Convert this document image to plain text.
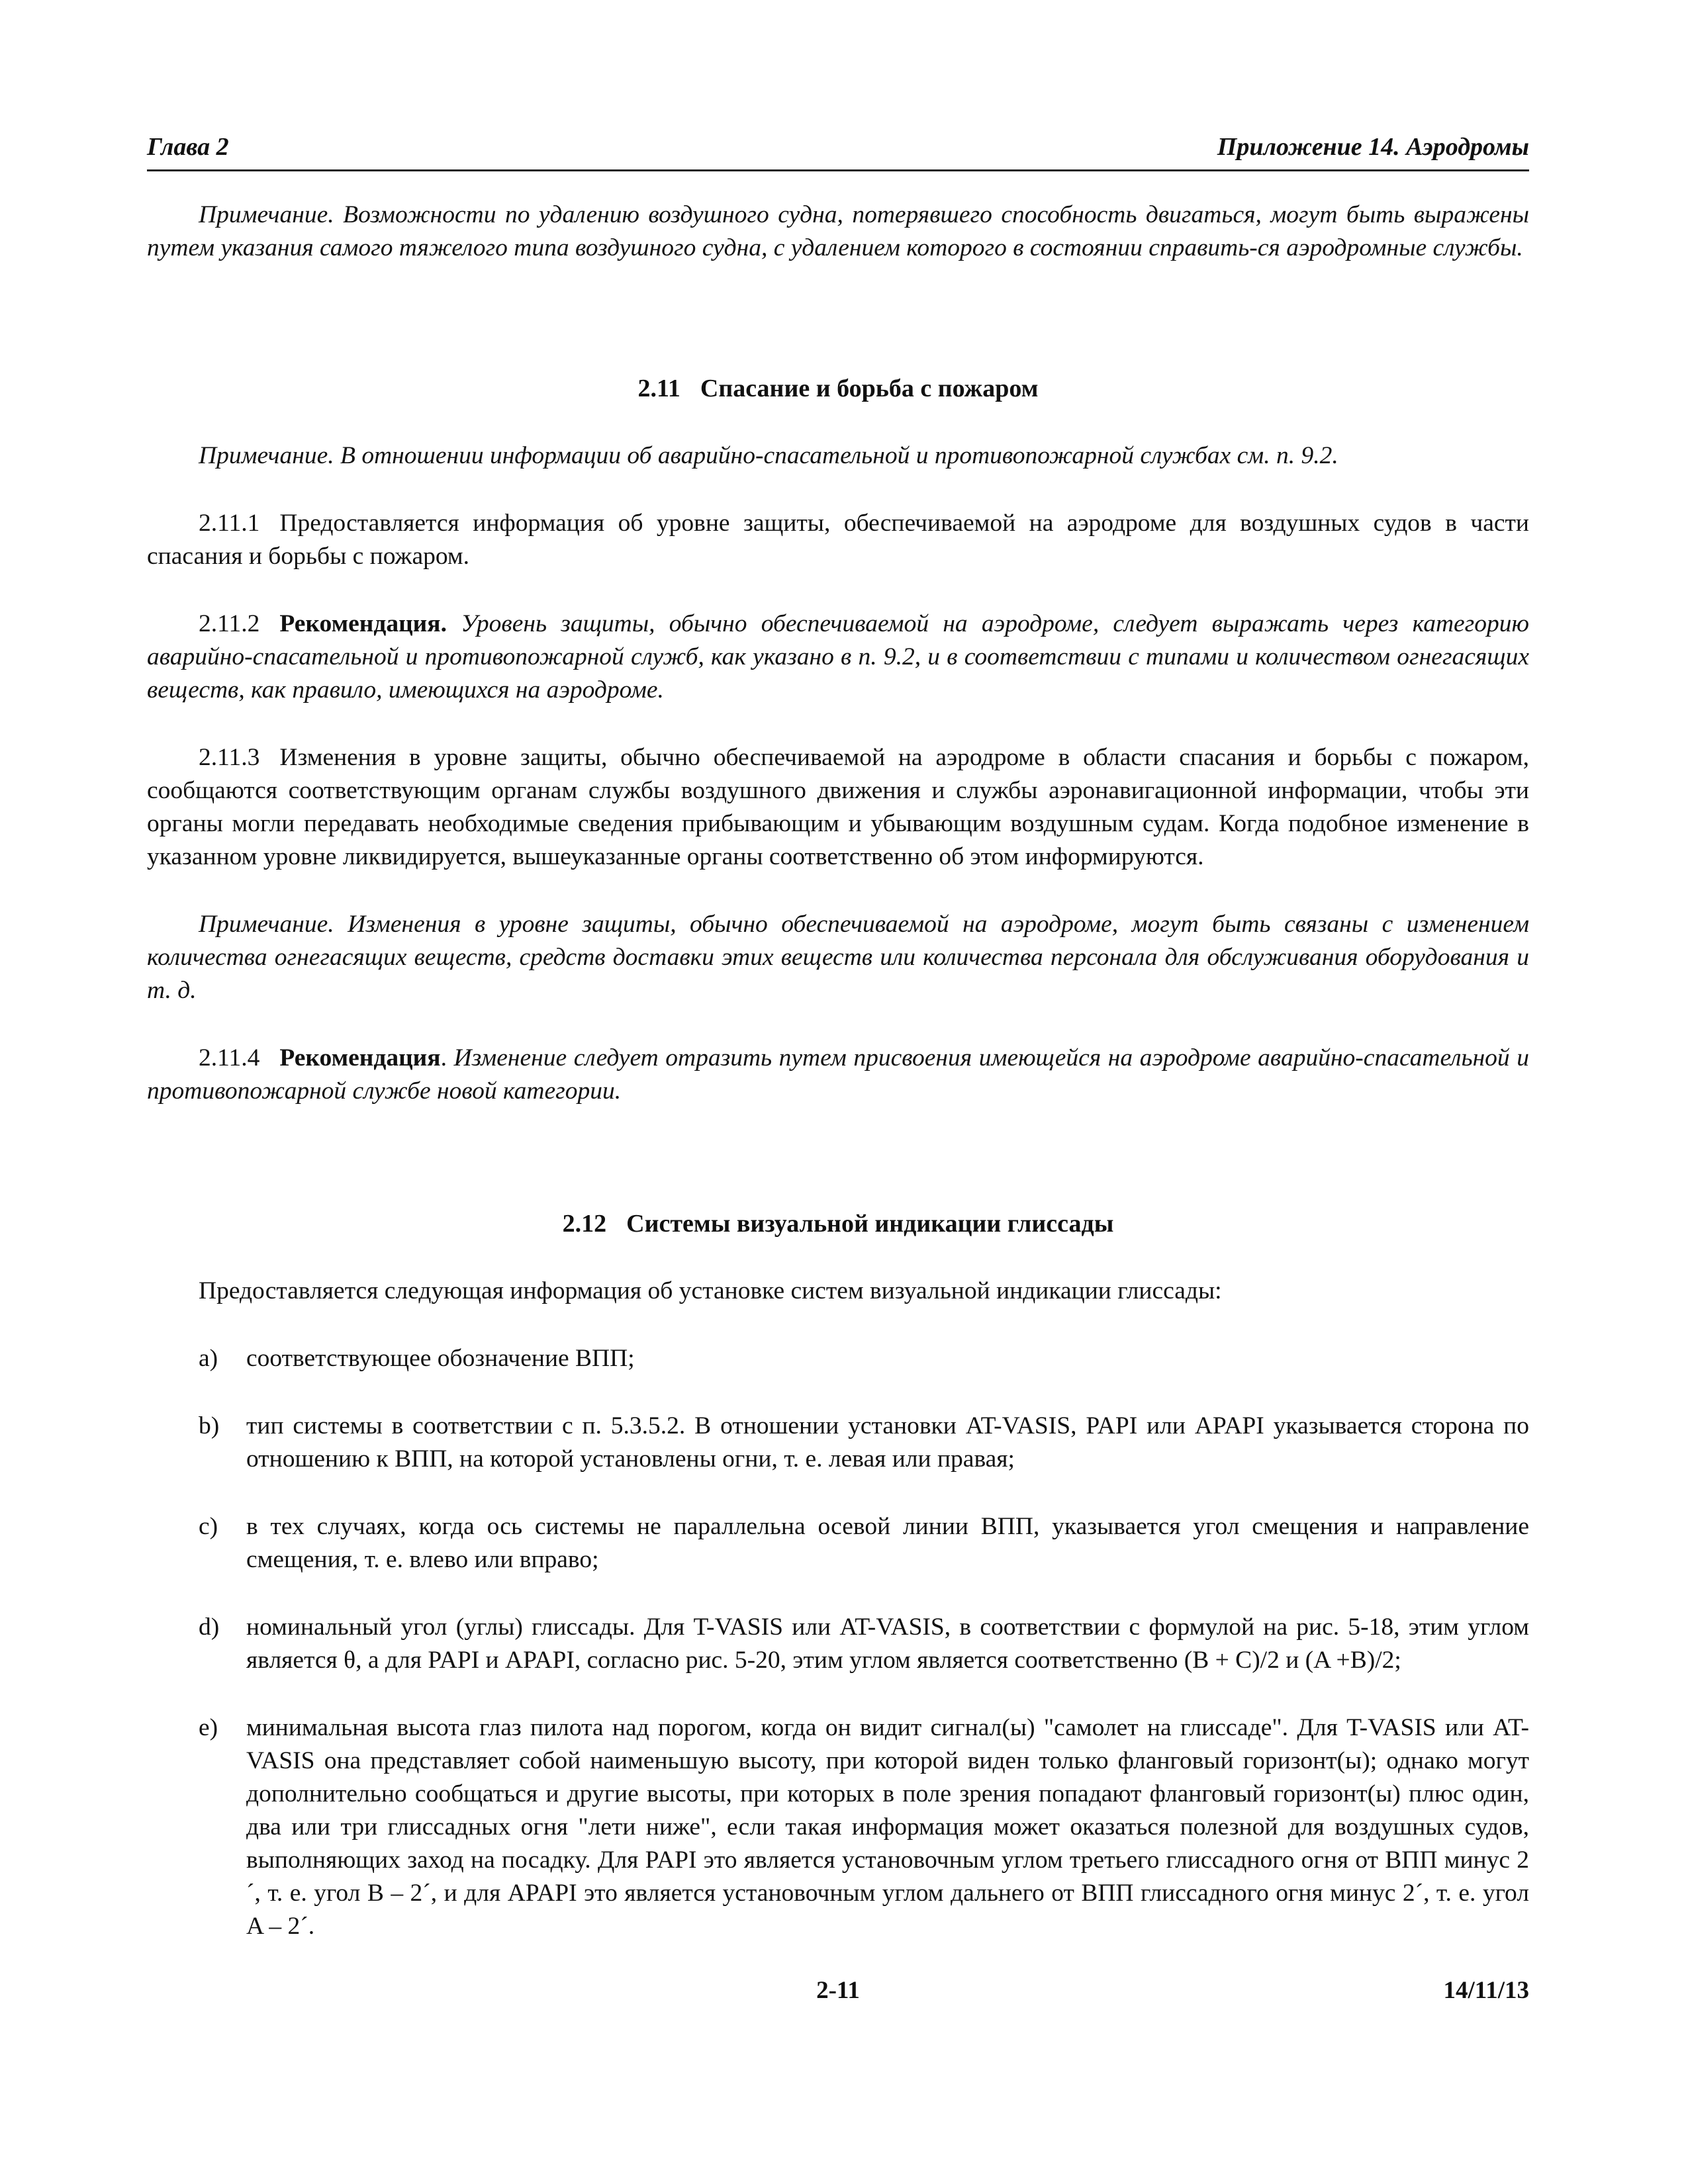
Глава 2	Приложение 14. Аэродромы

Примечание. Возможности по удалению воздушного судна, потерявшего способность двигаться, могут быть выражены путем указания самого тяжелого типа воздушного судна, с удалением которого в состоянии справить-ся аэродромные службы.

2.11 Спасание и борьба с пожаром

Примечание. В отношении информации об аварийно-спасательной и противопожарной службах см. п. 9.2.

2.11.1 Предоставляется информация об уровне защиты, обеспечиваемой на аэродроме для воздушных судов в части спасания и борьбы с пожаром.

2.11.2 Рекомендация. Уровень защиты, обычно обеспечиваемой на аэродроме, следует выражать через категорию аварийно-спасательной и противопожарной служб, как указано в п. 9.2, и в соответствии с типами и количеством огнегасящих веществ, как правило, имеющихся на аэродроме.

2.11.3 Изменения в уровне защиты, обычно обеспечиваемой на аэродроме в области спасания и борьбы с пожаром, сообщаются соответствующим органам службы воздушного движения и службы аэронавигационной информации, чтобы эти органы могли передавать необходимые сведения прибывающим и убывающим воздушным судам. Когда подобное изменение в указанном уровне ликвидируется, вышеуказанные органы соответственно об этом информируются.

Примечание. Изменения в уровне защиты, обычно обеспечиваемой на аэродроме, могут быть связаны с изменением количества огнегасящих веществ, средств доставки этих веществ или количества персонала для обслуживания оборудования и т. д.

2.11.4 Рекомендация. Изменение следует отразить путем присвоения имеющейся на аэродроме аварийно-спасательной и противопожарной службе новой категории.

2.12 Системы визуальной индикации глиссады

Предоставляется следующая информация об установке систем визуальной индикации глиссады:

a) соответствующее обозначение ВПП;
b) тип системы в соответствии с п. 5.3.5.2. В отношении установки AT-VASIS, PAPI или APAPI указывается сторона по отношению к ВПП, на которой установлены огни, т. е. левая или правая;
c) в тех случаях, когда ось системы не параллельна осевой линии ВПП, указывается угол смещения и направление смещения, т. е. влево или вправо;
d) номинальный угол (углы) глиссады. Для T-VASIS или AT-VASIS, в соответствии с формулой на рис. 5-18, этим углом является θ, а для PAPI и APAPI, согласно рис. 5-20, этим углом является соответственно (B + C)/2 и (A +B)/2;
e) минимальная высота глаз пилота над порогом, когда он видит сигнал(ы) "самолет на глиссаде". Для T-VASIS или AT-VASIS она представляет собой наименьшую высоту, при которой виден только фланговый горизонт(ы); однако могут дополнительно сообщаться и другие высоты, при которых в поле зрения попадают фланговый горизонт(ы) плюс один, два или три глиссадных огня "лети ниже", если такая информация может оказаться полезной для воздушных судов, выполняющих заход на посадку. Для PAPI это является установочным углом третьего глиссадного огня от ВПП минус 2´, т. е. угол B – 2´, и для APAPI это является установочным углом дальнего от ВПП глиссадного огня минус 2´, т. е. угол A – 2´.
2-11	14/11/13
